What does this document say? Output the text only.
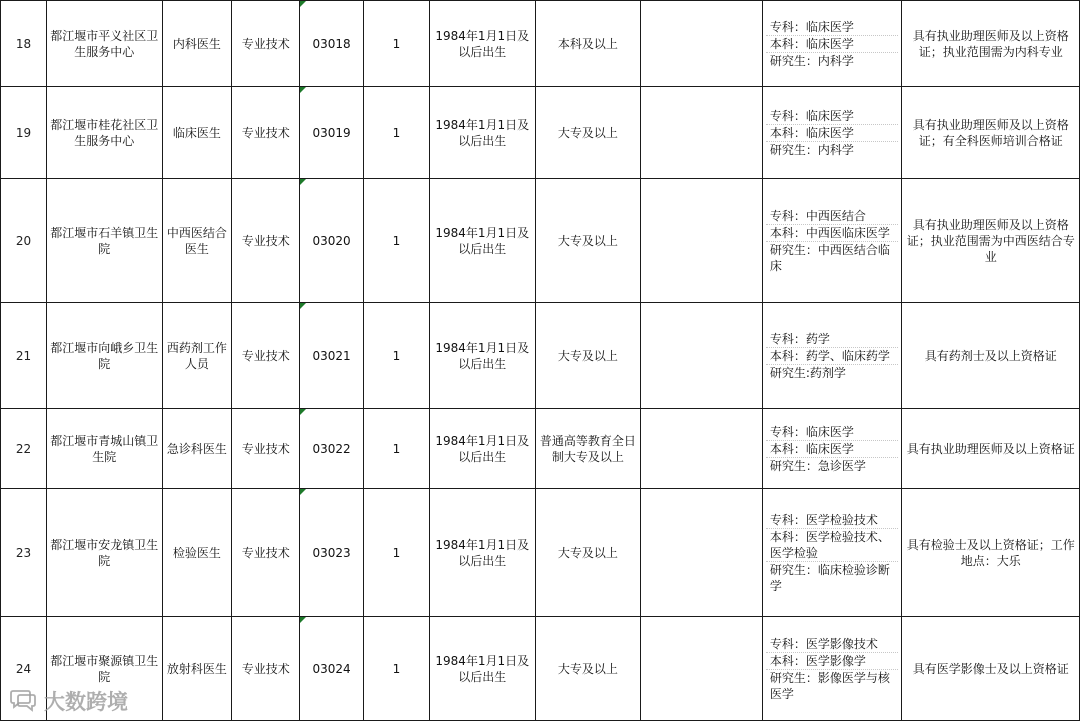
18	都江堰市平义社区卫生服务中心	内科医生	专业技术	03018	1	1984年1月1日及以后出生	本科及以上		专科：临床医学
本科：临床医学
研究生：内科学	具有执业助理医师及以上资格证；执业范围需为内科专业
19	都江堰市桂花社区卫生服务中心	临床医生	专业技术	03019	1	1984年1月1日及以后出生	大专及以上		专科：临床医学
本科：临床医学
研究生：内科学	具有执业助理医师及以上资格证；有全科医师培训合格证
20	都江堰市石羊镇卫生院	中西医结合医生	专业技术	03020	1	1984年1月1日及以后出生	大专及以上		专科：中西医结合
本科：中西医临床医学
研究生：中西医结合临床	具有执业助理医师及以上资格证；执业范围需为中西医结合专业
21	都江堰市向峨乡卫生院	西药剂工作人员	专业技术	03021	1	1984年1月1日及以后出生	大专及以上		专科：药学
本科：药学、临床药学
研究生:药剂学	具有药剂士及以上资格证
22	都江堰市青城山镇卫生院	急诊科医生	专业技术	03022	1	1984年1月1日及以后出生	普通高等教育全日制大专及以上		专科：临床医学
本科：临床医学
研究生：急诊医学	具有执业助理医师及以上资格证
23	都江堰市安龙镇卫生院	检验医生	专业技术	03023	1	1984年1月1日及以后出生	大专及以上		专科：医学检验技术
本科：医学检验技术、医学检验
研究生：临床检验诊断学	具有检验士及以上资格证；工作地点：大乐
24	都江堰市聚源镇卫生院	放射科医生	专业技术	03024	1	1984年1月1日及以后出生	大专及以上		专科：医学影像技术
本科：医学影像学
研究生：影像医学与核医学	具有医学影像士及以上资格证
大数跨境
